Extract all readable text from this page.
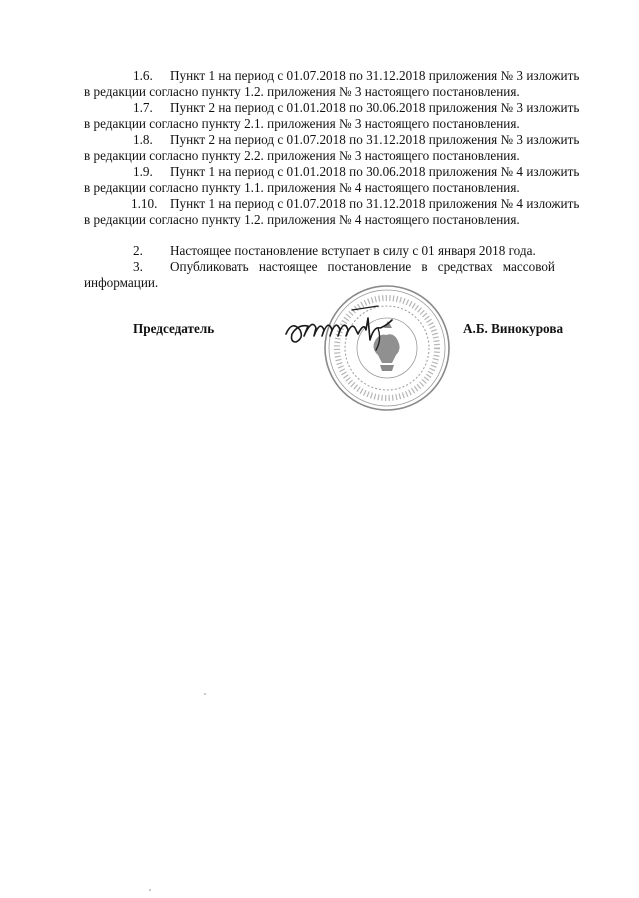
1.6. Пункт 1 на период с 01.07.2018 по 31.12.2018 приложения № 3 изложить
в редакции согласно пункту 1.2. приложения № 3 настоящего постановления.
1.7. Пункт 2 на период с 01.01.2018 по 30.06.2018 приложения № 3 изложить
в редакции согласно пункту 2.1. приложения № 3 настоящего постановления.
1.8. Пункт 2 на период с 01.07.2018 по 31.12.2018 приложения № 3 изложить
в редакции согласно пункту 2.2. приложения № 3 настоящего постановления.
1.9. Пункт 1 на период с 01.01.2018 по 30.06.2018 приложения № 4 изложить
в редакции согласно пункту 1.1. приложения № 4 настоящего постановления.
1.10. Пункт 1 на период с 01.07.2018 по 31.12.2018 приложения № 4 изложить
в редакции согласно пункту 1.2. приложения № 4 настоящего постановления.
2. Настоящее постановление вступает в силу с 01 января 2018 года.
3. Опубликовать настоящее постановление в средствах массовой
информации.
Председатель	А.Б. Винокурова
